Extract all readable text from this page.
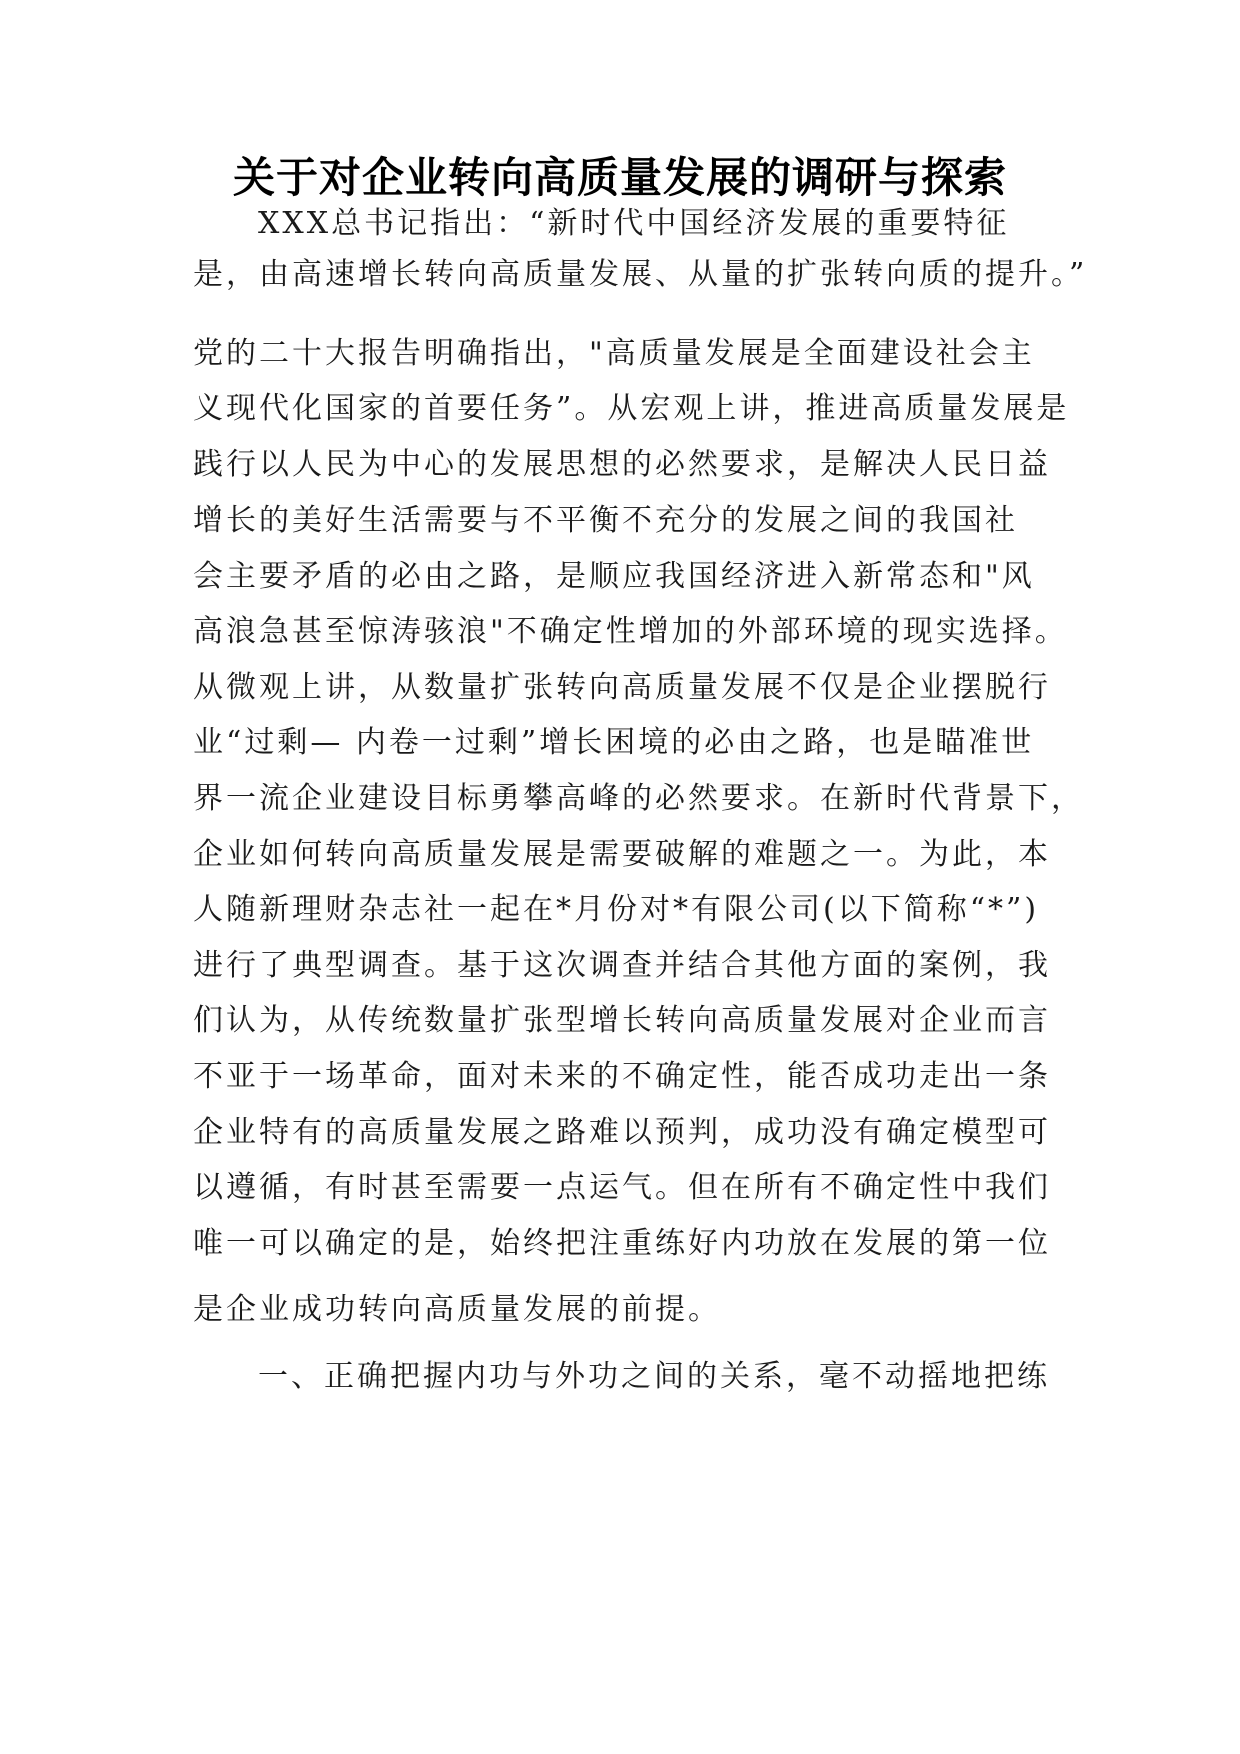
关于对企业转向高质量发展的调研与探索
XXX总书记指出：“新时代中国经济发展的重要特征
是，由高速增长转向高质量发展、从量的扩张转向质的提升。”
党的二十大报告明确指出，"高质量发展是全面建设社会主
义现代化国家的首要任务”。从宏观上讲，推进高质量发展是
践行以人民为中心的发展思想的必然要求，是解决人民日益
增长的美好生活需要与不平衡不充分的发展之间的我国社
会主要矛盾的必由之路，是顺应我国经济进入新常态和"风
高浪急甚至惊涛骇浪"不确定性增加的外部环境的现实选择。
从微观上讲，从数量扩张转向高质量发展不仅是企业摆脱行
业“过剩— 内卷一过剩”增长困境的必由之路，也是瞄准世
界一流企业建设目标勇攀高峰的必然要求。在新时代背景下，
企业如何转向高质量发展是需要破解的难题之一。为此，本
人随新理财杂志社一起在*月份对*有限公司(以下简称“*”)
进行了典型调查。基于这次调查并结合其他方面的案例，我
们认为，从传统数量扩张型增长转向高质量发展对企业而言
不亚于一场革命，面对未来的不确定性，能否成功走出一条
企业特有的高质量发展之路难以预判，成功没有确定模型可
以遵循，有时甚至需要一点运气。但在所有不确定性中我们
唯一可以确定的是，始终把注重练好内功放在发展的第一位
是企业成功转向高质量发展的前提。
一、正确把握内功与外功之间的关系，毫不动摇地把练
